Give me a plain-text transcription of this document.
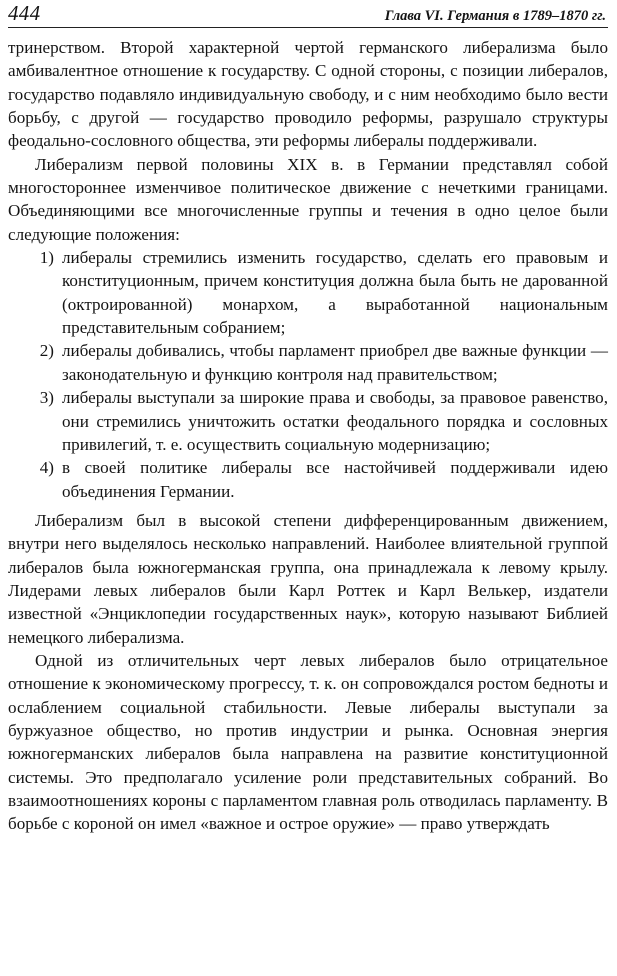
444	Глава VI. Германия в 1789–1870 гг.

тринерством. Второй характерной чертой германского либерализма было амбивалентное отношение к государству. С одной стороны, с позиции либералов, государство подавляло индивидуальную свободу, и с ним необходимо было вести борьбу, с другой — государство проводило реформы, разрушало структуры феодально-сословного общества, эти реформы либералы поддерживали.

Либерализм первой половины XIX в. в Германии представлял собой многостороннее изменчивое политическое движение с нечеткими границами. Объединяющими все многочисленные группы и течения в одно целое были следующие положения:

1) либералы стремились изменить государство, сделать его правовым и конституционным, причем конституция должна была быть не дарованной (октроированной) монархом, а выработанной национальным представительным собранием;
2) либералы добивались, чтобы парламент приобрел две важные функции — законодательную и функцию контроля над правительством;
3) либералы выступали за широкие права и свободы, за правовое равенство, они стремились уничтожить остатки феодального порядка и сословных привилегий, т. е. осуществить социальную модернизацию;
4) в своей политике либералы все настойчивей поддерживали идею объединения Германии.

Либерализм был в высокой степени дифференцированным движением, внутри него выделялось несколько направлений. Наиболее влиятельной группой либералов была южногерманская группа, она принадлежала к левому крылу. Лидерами левых либералов были Карл Роттек и Карл Велькер, издатели известной «Энциклопедии государственных наук», которую называют Библией немецкого либерализма.

Одной из отличительных черт левых либералов было отрицательное отношение к экономическому прогрессу, т. к. он сопровождался ростом бедноты и ослаблением социальной стабильности. Левые либералы выступали за буржуазное общество, но против индустрии и рынка. Основная энергия южногерманских либералов была направлена на развитие конституционной системы. Это предполагало усиление роли представительных собраний. Во взаимоотношениях короны с парламентом главная роль отводилась парламенту. В борьбе с короной он имел «важное и острое оружие» — право утверждать
